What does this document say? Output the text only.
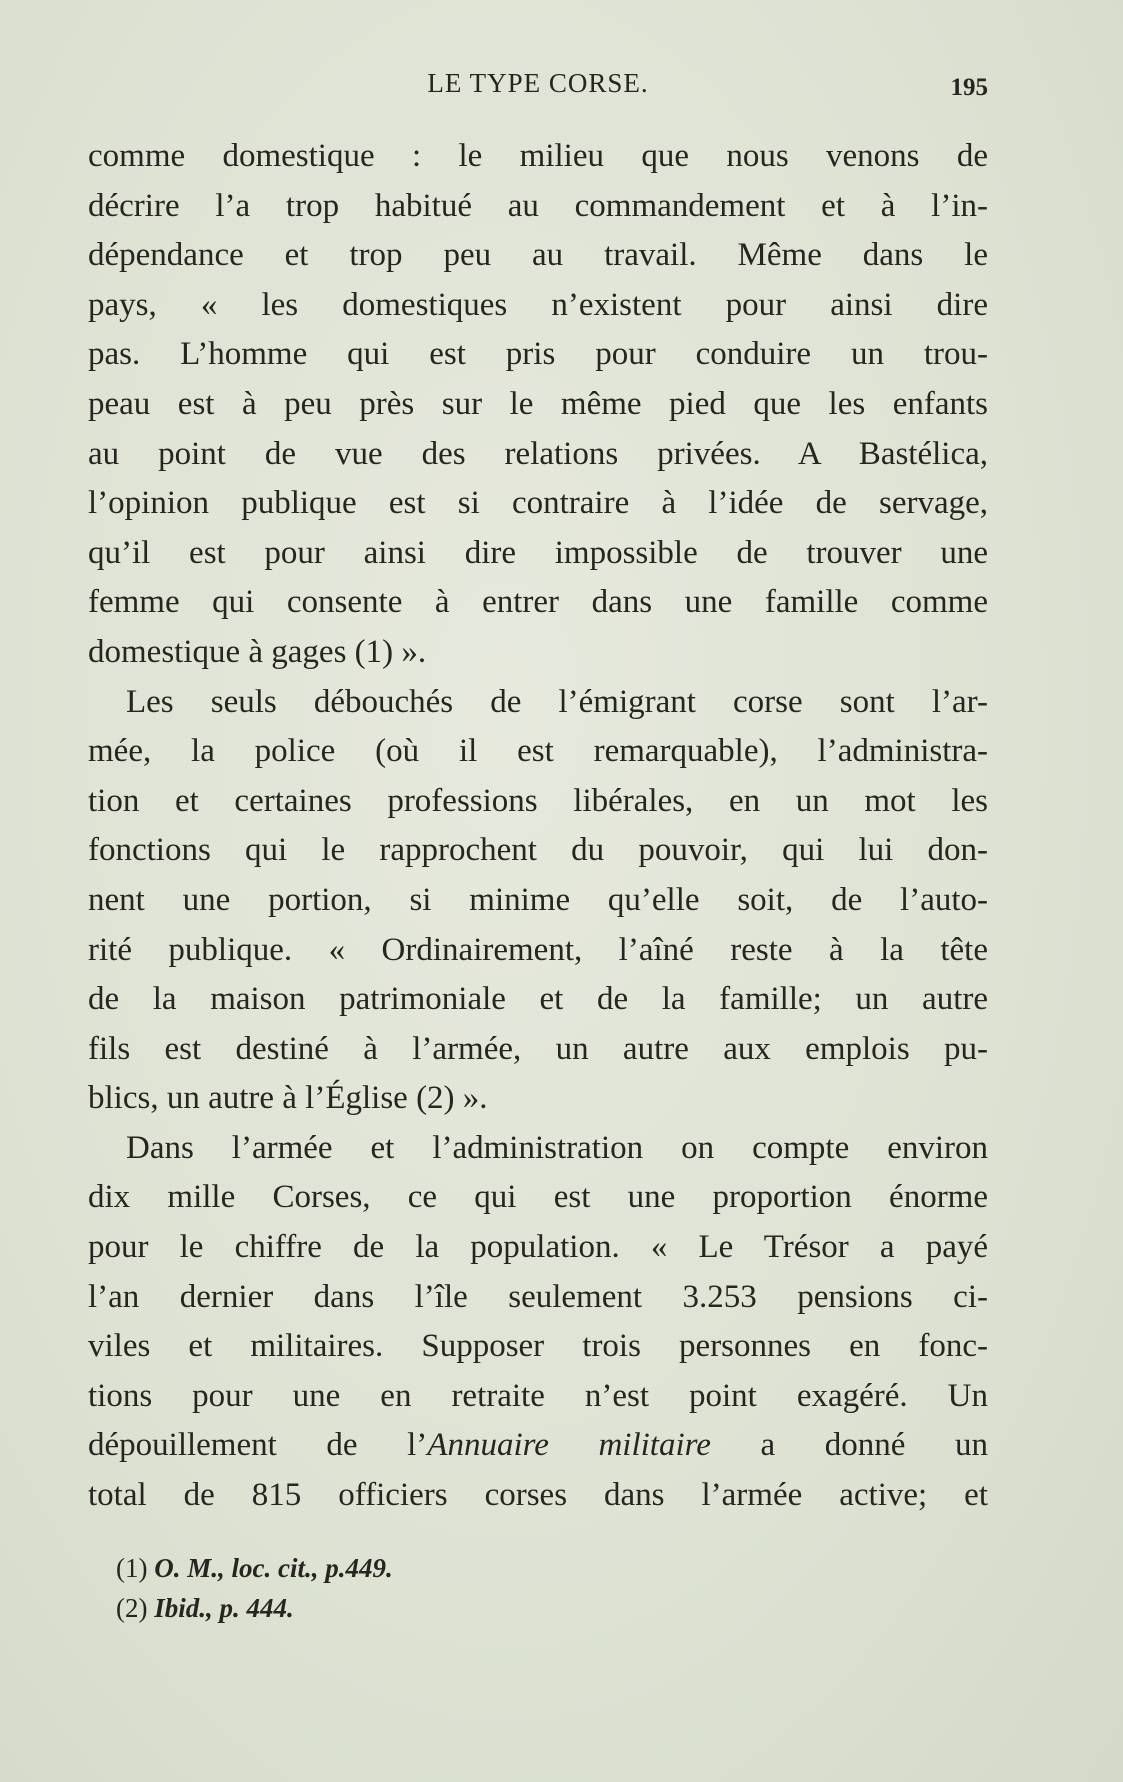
LE TYPE CORSE.	195
comme domestique : le milieu que nous venons de
décrire l’a trop habitué au commandement et à l’in-
dépendance et trop peu au travail. Même dans le
pays, « les domestiques n’existent pour ainsi dire
pas. L’homme qui est pris pour conduire un trou-
peau est à peu près sur le même pied que les enfants
au point de vue des relations privées. A Bastélica,
l’opinion publique est si contraire à l’idée de servage,
qu’il est pour ainsi dire impossible de trouver une
femme qui consente à entrer dans une famille comme
domestique à gages (1) ».
Les seuls débouchés de l’émigrant corse sont l’ar-
mée, la police (où il est remarquable), l’administra-
tion et certaines professions libérales, en un mot les
fonctions qui le rapprochent du pouvoir, qui lui don-
nent une portion, si minime qu’elle soit, de l’auto-
rité publique. « Ordinairement, l’aîné reste à la tête
de la maison patrimoniale et de la famille; un autre
fils est destiné à l’armée, un autre aux emplois pu-
blics, un autre à l’Église (2) ».
Dans l’armée et l’administration on compte environ
dix mille Corses, ce qui est une proportion énorme
pour le chiffre de la population. « Le Trésor a payé
l’an dernier dans l’île seulement 3.253 pensions ci-
viles et militaires. Supposer trois personnes en fonc-
tions pour une en retraite n’est point exagéré. Un
dépouillement de l’Annuaire militaire a donné un
total de 815 officiers corses dans l’armée active; et
(1) O. M., loc. cit., p.449.
(2) Ibid., p. 444.
